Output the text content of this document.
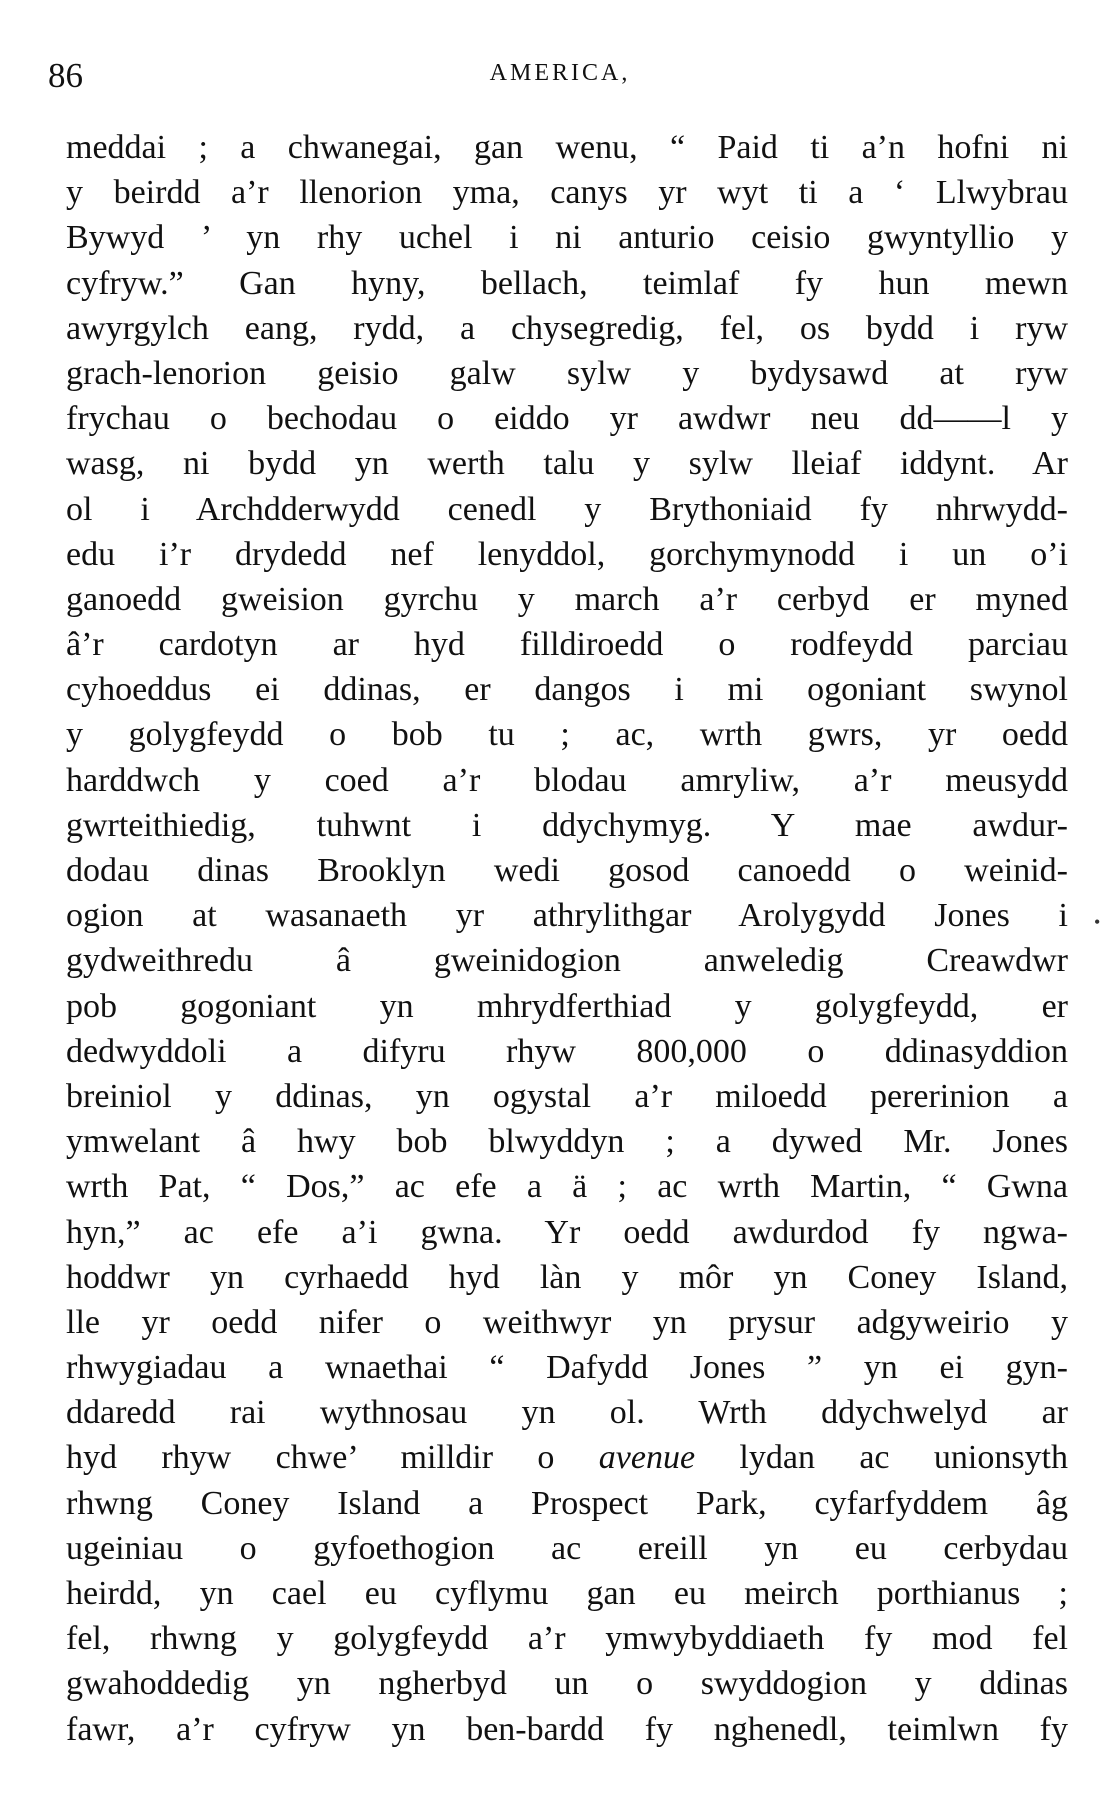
86	AMERICA,
meddai ; a chwanegai, gan wenu, “ Paid ti a’n hofni ni
y beirdd a’r llenorion yma, canys yr wyt ti a ‘ Llwybrau
Bywyd ’ yn rhy uchel i ni anturio ceisio gwyntyllio y
cyfryw.” Gan hyny, bellach, teimlaf fy hun mewn
awyrgylch eang, rydd, a chysegredig, fel, os bydd i ryw
grach-lenorion geisio galw sylw y bydysawd at ryw
frychau o bechodau o eiddo yr awdwr neu dd——l y
wasg, ni bydd yn werth talu y sylw lleiaf iddynt. Ar
ol i Archdderwydd cenedl y Brythoniaid fy nhrwydd-
edu i’r drydedd nef lenyddol, gorchymynodd i un o’i
ganoedd gweision gyrchu y march a’r cerbyd er myned
â’r cardotyn ar hyd filldiroedd o rodfeydd parciau
cyhoeddus ei ddinas, er dangos i mi ogoniant swynol
y golygfeydd o bob tu ; ac, wrth gwrs, yr oedd
harddwch y coed a’r blodau amryliw, a’r meusydd
gwrteithiedig, tuhwnt i ddychymyg. Y mae awdur-
dodau dinas Brooklyn wedi gosod canoedd o weinid-
ogion at wasanaeth yr athrylithgar Arolygydd Jones i
gydweithredu â gweinidogion anweledig Creawdwr
pob gogoniant yn mhrydferthiad y golygfeydd, er
dedwyddoli a difyru rhyw 800,000 o ddinasyddion
breiniol y ddinas, yn ogystal a’r miloedd pererinion a
ymwelant â hwy bob blwyddyn ; a dywed Mr. Jones
wrth Pat, “ Dos,” ac efe a ä ; ac wrth Martin, “ Gwna
hyn,” ac efe a’i gwna. Yr oedd awdurdod fy ngwa-
hoddwr yn cyrhaedd hyd làn y môr yn Coney Island,
lle yr oedd nifer o weithwyr yn prysur adgyweirio y
rhwygiadau a wnaethai “ Dafydd Jones ” yn ei gyn-
ddaredd rai wythnosau yn ol. Wrth ddychwelyd ar
hyd rhyw chwe’ milldir o avenue lydan ac unionsyth
rhwng Coney Island a Prospect Park, cyfarfyddem âg
ugeiniau o gyfoethogion ac ereill yn eu cerbydau
heirdd, yn cael eu cyflymu gan eu meirch porthianus ;
fel, rhwng y golygfeydd a’r ymwybyddiaeth fy mod fel
gwahoddedig yn ngherbyd un o swyddogion y ddinas
fawr, a’r cyfryw yn ben-bardd fy nghenedl, teimlwn fy
•
